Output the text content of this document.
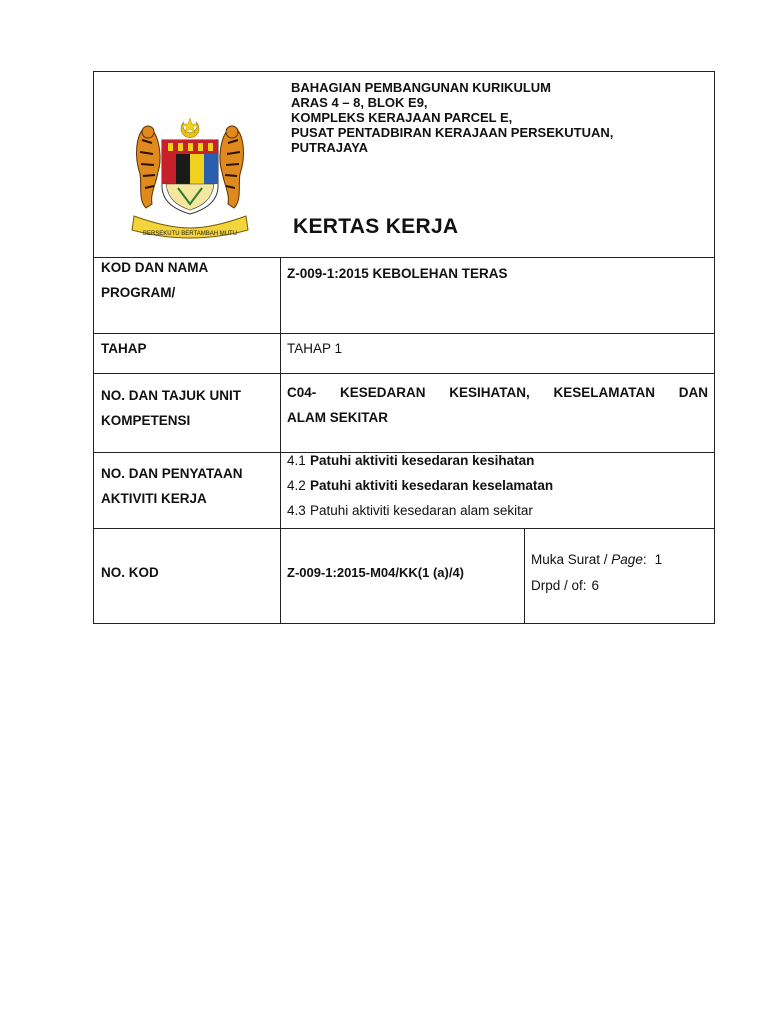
BERSEKUTU BERTAMBAH MUTU
BAHAGIAN PEMBANGUNAN KURIKULUM
ARAS 4 – 8, BLOK E9,
KOMPLEKS KERAJAAN PARCEL E,
PUSAT PENTADBIRAN KERAJAAN PERSEKUTUAN,
PUTRAJAYA
KERTAS KERJA
KOD DAN NAMA
PROGRAM/
Z-009-1:2015 KEBOLEHAN TERAS
TAHAP	TAHAP 1
NO. DAN TAJUK UNIT
KOMPETENSI
C04- KESEDARAN KESIHATAN, KESELAMATAN DAN
ALAM SEKITAR
NO. DAN PENYATAAN
AKTIVITI KERJA
4.1 Patuhi aktiviti kesedaran kesihatan
4.2 Patuhi aktiviti kesedaran keselamatan
4.3 Patuhi aktiviti kesedaran alam sekitar
NO. KOD	Z-009-1:2015-M04/KK(1 (a)/4)
Muka Surat / Page: 1
Drpd / of: 6
